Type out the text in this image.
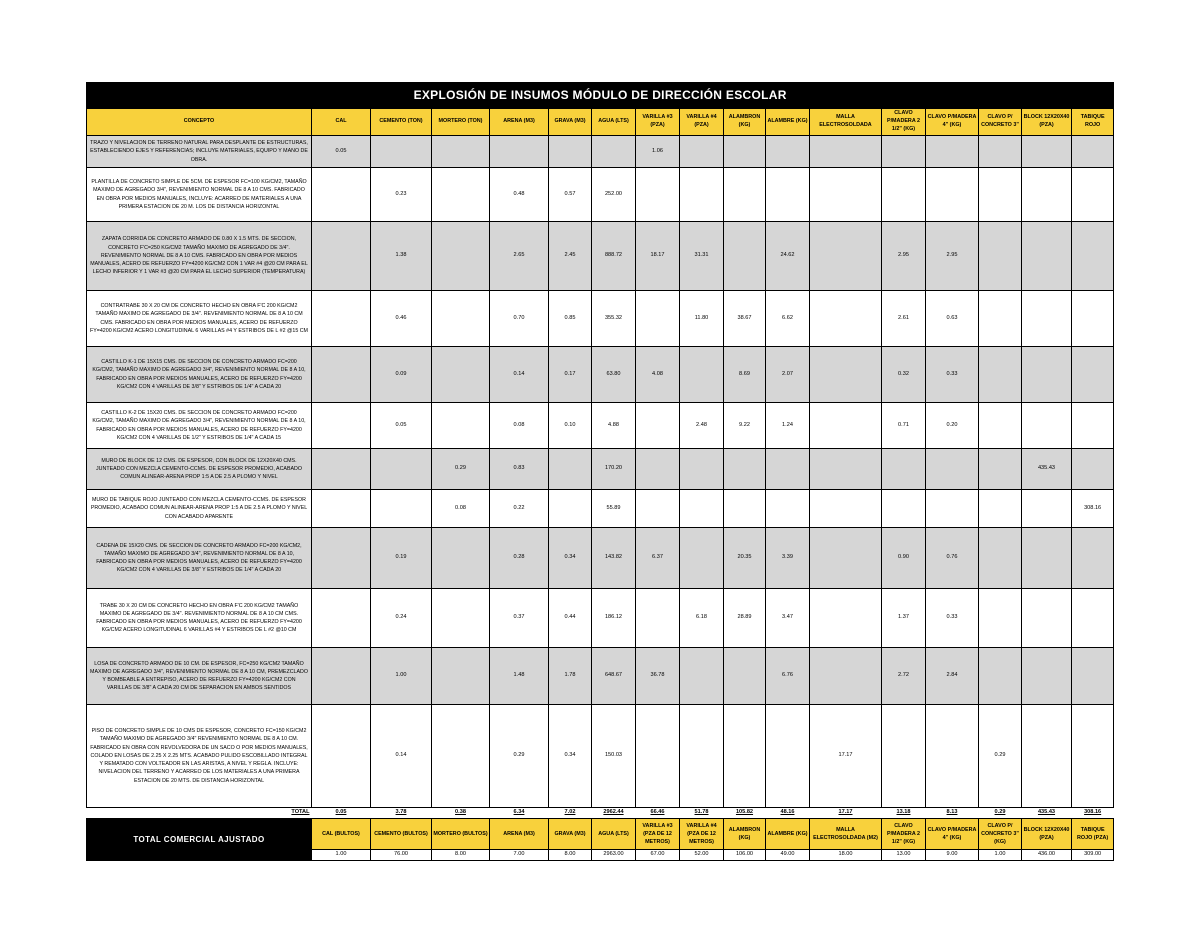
EXPLOSIÓN DE INSUMOS MÓDULO DE DIRECCIÓN ESCOLAR																
CONCEPTO	CAL	CEMENTO (TON)	MORTERO (TON)	ARENA (M3)	GRAVA (M3)	AGUA (LTS)	VARILLA #3 (PZA)	VARILLA #4 (PZA)	ALAMBRON (KG)	ALAMBRE (KG)	MALLA ELECTROSOLDADA	CLAVO P/MADERA 2 1/2" (KG)	CLAVO P/MADERA 4" (KG)	CLAVO P/ CONCRETO 3"	BLOCK 12X20X40 (PZA)	TABIQUE ROJO
TRAZO Y NIVELACION DE TERRENO NATURAL PARA DESPLANTE DE ESTRUCTURAS, ESTABLECIENDO EJES Y REFERENCIAS; INCLUYE MATERIALES, EQUIPO Y MANO DE OBRA.	0.05						1.06									
PLANTILLA DE CONCRETO SIMPLE DE 5CM. DE ESPESOR FC=100 KG/CM2, TAMAÑO MAXIMO DE AGREGADO 3/4", REVENIMIENTO NORMAL DE 8 A 10 CMS. FABRICADO EN OBRA POR MEDIOS MANUALES, INCLUYE: ACARREO DE MATERIALES A UNA PRIMERA ESTACION DE 20 M. LOS DE DISTANCIA HORIZONTAL		0.23		0.48	0.57	252.00										
ZAPATA CORRIDA DE CONCRETO ARMADO DE 0.80 X 1.5 MTS. DE SECCION, CONCRETO F'C=250 KG/CM2 TAMAÑO MAXIMO DE AGREGADO DE 3/4". REVENIMIENTO NORMAL DE 8 A 10 CMS. FABRICADO EN OBRA POR MEDIOS MANUALES, ACERO DE REFUERZO FY=4200 KG/CM2 CON 1 VAR #4 @20 CM PARA EL LECHO INFERIOR Y 1 VAR #3 @20 CM PARA EL LECHO SUPERIOR (TEMPERATURA)		1.38		2.65	2.45	888.72	18.17	31.31		24.62		2.95	2.95			
CONTRATRABE 30 X 20 CM DE CONCRETO HECHO EN OBRA F'C 200 KG/CM2 TAMAÑO MAXIMO DE AGREGADO DE 3/4". REVENIMIENTO NORMAL DE 8 A 10 CM CMS. FABRICADO EN OBRA POR MEDIOS MANUALES, ACERO DE REFUERZO FY=4200 KG/CM2 ACERO LONGITUDINAL 6 VARILLAS #4 Y ESTRIBOS DE L #2 @15 CM		0.46		0.70	0.85	355.32		11.80	38.67	6.62		2.61	0.63			
CASTILLO K-1 DE 15X15 CMS. DE SECCION DE CONCRETO ARMADO FC=200 KG/CM2, TAMAÑO MAXIMO DE AGREGADO 3/4", REVENIMIENTO NORMAL DE 8 A 10, FABRICADO EN OBRA POR MEDIOS MANUALES, ACERO DE REFUERZO FY=4200 KG/CM2 CON 4 VARILLAS DE 3/8" Y ESTRIBOS DE 1/4" A CADA 20		0.09		0.14	0.17	63.80	4.08		8.69	2.07		0.32	0.33			
CASTILLO K-2 DE 15X20 CMS. DE SECCION DE CONCRETO ARMADO FC=200 KG/CM2, TAMAÑO MAXIMO DE AGREGADO 3/4", REVENIMIENTO NORMAL DE 8 A 10, FABRICADO EN OBRA POR MEDIOS MANUALES, ACERO DE REFUERZO FY=4200 KG/CM2 CON 4 VARILLAS DE 1/2" Y ESTRIBOS DE 1/4" A CADA 15		0.05		0.08	0.10	4.88		2.48	9.22	1.24		0.71	0.20			
MURO DE BLOCK DE 12 CMS. DE ESPESOR, CON BLOCK DE 12X20X40 CMS. JUNTEADO CON MEZCLA CEMENTO-CCMS. DE ESPESOR PROMEDIO, ACABADO COMUN ALINEAR-ARENA PROP 1:5 A DE 2.5 A PLOMO Y NIVEL			0.29	0.83		170.20									435.43	
MURO DE TABIQUE ROJO JUNTEADO CON MEZCLA CEMENTO-CCMS. DE ESPESOR PROMEDIO, ACABADO COMUN ALINEAR-ARENA PROP 1:5 A DE 2.5 A PLOMO Y NIVEL CON ACABADO APARENTE			0.08	0.22		55.89										308.16
CADENA DE 15X20 CMS. DE SECCION DE CONCRETO ARMADO FC=200 KG/CM2, TAMAÑO MAXIMO DE AGREGADO 3/4", REVENIMIENTO NORMAL DE 8 A 10, FABRICADO EN OBRA POR MEDIOS MANUALES, ACERO DE REFUERZO FY=4200 KG/CM2 CON 4 VARILLAS DE 3/8" Y ESTRIBOS DE 1/4" A CADA 20		0.19		0.28	0.34	143.82	6.37		20.35	3.39		0.90	0.76			
TRABE 30 X 20 CM DE CONCRETO HECHO EN OBRA F'C 200 KG/CM2 TAMAÑO MAXIMO DE AGREGADO DE 3/4". REVENIMIENTO NORMAL DE 8 A 10 CM CMS. FABRICADO EN OBRA POR MEDIOS MANUALES, ACERO DE REFUERZO FY=4200 KG/CM2 ACERO LONGITUDINAL 6 VARILLAS #4 Y ESTRIBOS DE L #2 @10 CM		0.24		0.37	0.44	186.12		6.18	28.89	3.47		1.37	0.33			
LOSA DE CONCRETO ARMADO DE 10 CM. DE ESPESOR, FC=250 KG/CM2 TAMAÑO MAXIMO DE AGREGADO 3/4", REVENIMIENTO NORMAL DE 8 A 10 CM, PREMEZCLADO Y BOMBEABLE A ENTREPISO, ACERO DE REFUERZO FY=4200 KG/CM2 CON VARILLAS DE 3/8" A CADA 20 CM DE SEPARACION EN AMBOS SENTIDOS		1.00		1.48	1.78	648.67	36.78			6.76		2.72	2.84			
PISO DE CONCRETO SIMPLE DE 10 CMS DE ESPESOR, CONCRETO FC=150 KG/CM2 TAMAÑO MAXIMO DE AGREGADO 3/4" REVENIMIENTO NORMAL DE 8 A 10 CM. FABRICADO EN OBRA CON REVOLVEDORA DE UN SACO O POR MEDIOS MANUALES, COLADO EN LOSAS DE 2.25 X 2.25 MTS. ACABADO PULIDO ESCOBILLADO INTEGRAL Y REMATADO CON VOLTEADOR EN LAS ARISTAS, A NIVEL Y REGLA. INCLUYE: NIVELACION DEL TERRENO Y ACARREO DE LOS MATERIALES A UNA PRIMERA ESTACION DE 20 MTS. DE DISTANCIA HORIZONTAL		0.14		0.29	0.34	150.03					17.17			0.29		
TOTAL	0.05	3.78	0.38	6.34	7.02	2962.44	66.46	51.78	105.82	48.16	17.17	13.18	8.13	0.29	435.43	308.16
TOTAL COMERCIAL AJUSTADO	CAL (BULTOS)	CEMENTO (BULTOS)	MORTERO (BULTOS)	ARENA (M3)	GRAVA (M3)	AGUA (LTS)	VARILLA #3 (PZA DE 12 METROS)	VARILLA #4 (PZA DE 12 METROS)	ALAMBRON (KG)	ALAMBRE (KG)	MALLA ELECTROSOLDADA (M2)	CLAVO P/MADERA 2 1/2" (KG)	CLAVO P/MADERA 4" (KG)	CLAVO P/ CONCRETO 3" (KG)	BLOCK 12X20X40 (PZA)	TABIQUE ROJO (PZA)
	1.00	76.00	8.00	7.00	8.00	2963.00	67.00	52.00	106.00	49.00	18.00	13.00	9.00	1.00	436.00	309.00
